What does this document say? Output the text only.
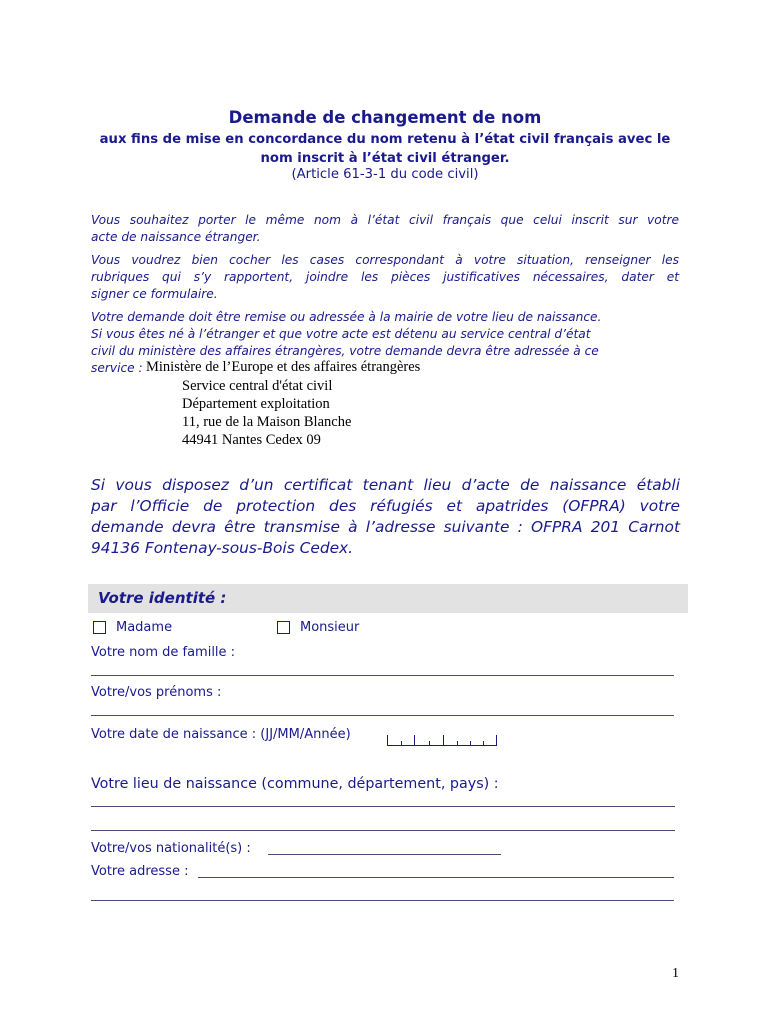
Demande de changement de nom
aux fins de mise en concordance du nom retenu à l’état civil français avec le
nom inscrit à l’état civil étranger.
(Article 61-3-1 du code civil)
Vous souhaitez porter le même nom à l’état civil français que celui inscrit sur votre
acte de naissance étranger.
Vous voudrez bien cocher les cases correspondant à votre situation, renseigner les
rubriques qui s’y rapportent, joindre les pièces justificatives nécessaires, dater et
signer ce formulaire.
Votre demande doit être remise ou adressée à la mairie de votre lieu de naissance.
Si vous êtes né à l’étranger et que votre acte est détenu au service central d’état
civil du ministère des affaires étrangères, votre demande devra être adressée à ce
service : Ministère de l’Europe et des affaires étrangères
Service central d'état civil
Département exploitation
11, rue de la Maison Blanche
44941 Nantes Cedex 09
Si vous disposez d’un certificat tenant lieu d’acte de naissance établi
par l’Officie de protection des réfugiés et apatrides (OFPRA) votre
demande devra être transmise à l’adresse suivante : OFPRA 201 Carnot
94136 Fontenay-sous-Bois Cedex.
Votre identité :
Madame	Monsieur
Votre nom de famille :
Votre/vos prénoms :
Votre date de naissance : (JJ/MM/Année)
Votre lieu de naissance (commune, département, pays) :
Votre/vos nationalité(s) :
Votre adresse :
1
